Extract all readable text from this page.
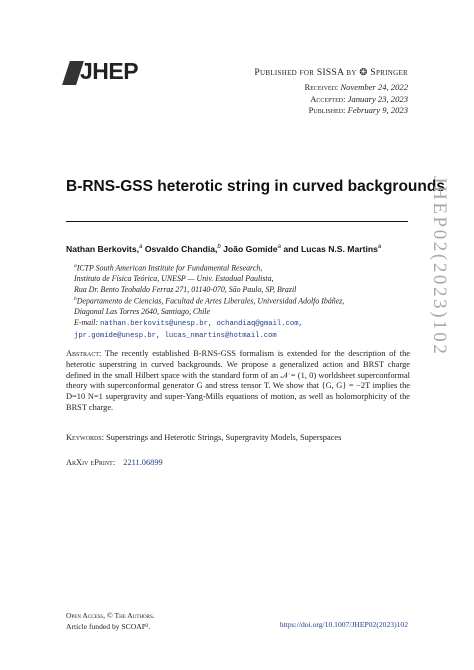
JHEP	Published for SISSA by ❂ Springer
Received: November 24, 2022
Accepted: January 23, 2023
Published: February 9, 2023
B-RNS-GSS heterotic string in curved backgrounds
Nathan Berkovits,$^a$ Osvaldo Chandía,$^b$ João Gomide$^a$ and Lucas N.S. Martins$^a$
$^a$ICTP South American Institute for Fundamental Research,
Instituto de Física Teórica, UNESP — Univ. Estadual Paulista,
Rua Dr. Bento Teobaldo Ferraz 271, 01140-070, São Paulo, SP, Brazil
$^b$Departamento de Ciencias, Facultad de Artes Liberales, Universidad Adolfo Ibáñez,
Diagonal Las Torres 2640, Santiago, Chile
E-mail: nathan.berkovits@unesp.br, ochandiaq@gmail.com,
jpr.gomide@unesp.br, lucas_nmartins@hotmail.com
Abstract: The recently established B-RNS-GSS formalism is extended for the description of the heterotic superstring in curved backgrounds. We propose a generalized action and BRST charge defined in the small Hilbert space with the standard form of an 𝒩 = (1, 0) worldsheet superconformal theory with superconformal generator G and stress tensor T. We show that {G, G} = −2T implies the D=10 N=1 supergravity and super-Yang-Mills equations of motion, as well as holomorphicity of the BRST charge.
Keywords: Superstrings and Heterotic Strings, Supergravity Models, Superspaces
ArXiv ePrint: 2211.06899
Open Access, © The Authors.
Article funded by SCOAP³.	https://doi.org/10.1007/JHEP02(2023)102
JHEP02(2023)102
